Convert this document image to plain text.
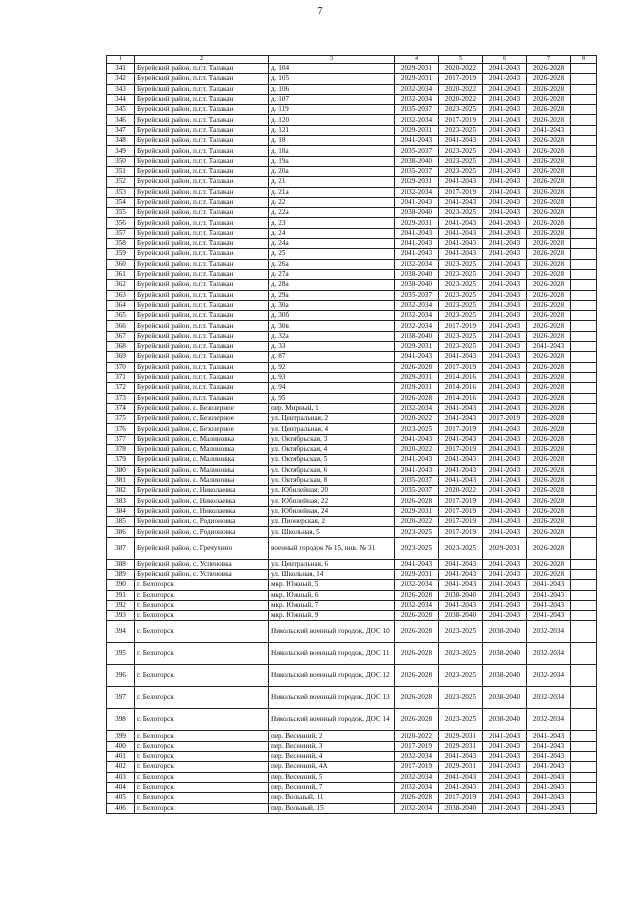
7
1	2	3	4	5	6	7	8
341	Бурейский район, п.г.т. Талакан	д. 104	2029-2031	2020-2022	2041-2043	2026-2028	
342	Бурейский район, п.г.т. Талакан	д. 105	2029-2031	2017-2019	2041-2043	2026-2028	
343	Бурейский район, п.г.т. Талакан	д. 106	2032-2034	2020-2022	2041-2043	2026-2028	
344	Бурейский район, п.г.т. Талакан	д. 107	2032-2034	2020-2022	2041-2043	2026-2028	
345	Бурейский район, п.г.т. Талакан	д. 119	2035-2037	2023-2025	2041-2043	2026-2028	
346	Бурейский район, п.г.т. Талакан	д. 120	2032-2034	2017-2019	2041-2043	2026-2028	
347	Бурейский район, п.г.т. Талакан	д. 121	2029-2031	2023-2025	2041-2043	2041-2043	
348	Бурейский район, п.г.т. Талакан	д. 18	2041-2043	2041-2043	2041-2043	2026-2028	
349	Бурейский район, п.г.т. Талакан	д. 18а	2035-2037	2023-2025	2041-2043	2026-2028	
350	Бурейский район, п.г.т. Талакан	д. 19а	2038-2040	2023-2025	2041-2043	2026-2028	
351	Бурейский район, п.г.т. Талакан	д. 20а	2035-2037	2023-2025	2041-2043	2026-2028	
352	Бурейский район, п.г.т. Талакан	д. 21	2029-2031	2041-2043	2041-2043	2026-2028	
353	Бурейский район, п.г.т. Талакан	д. 21а	2032-2034	2017-2019	2041-2043	2026-2028	
354	Бурейский район, п.г.т. Талакан	д. 22	2041-2043	2041-2043	2041-2043	2026-2028	
355	Бурейский район, п.г.т. Талакан	д. 22а	2038-2040	2023-2025	2041-2043	2026-2028	
356	Бурейский район, п.г.т. Талакан	д. 23	2029-2031	2041-2043	2041-2043	2026-2028	
357	Бурейский район, п.г.т. Талакан	д. 24	2041-2043	2041-2043	2041-2043	2026-2028	
358	Бурейский район, п.г.т. Талакан	д. 24а	2041-2043	2041-2043	2041-2043	2026-2028	
359	Бурейский район, п.г.т. Талакан	д. 25	2041-2043	2041-2043	2041-2043	2026-2028	
360	Бурейский район, п.г.т. Талакан	д. 26а	2032-2034	2023-2025	2041-2043	2026-2028	
361	Бурейский район, п.г.т. Талакан	д. 27а	2038-2040	2023-2025	2041-2043	2026-2028	
362	Бурейский район, п.г.т. Талакан	д. 28а	2038-2040	2023-2025	2041-2043	2026-2028	
363	Бурейский район, п.г.т. Талакан	д. 29а	2035-2037	2023-2025	2041-2043	2026-2028	
364	Бурейский район, п.г.т. Талакан	д. 30а	2032-2034	2023-2025	2041-2043	2026-2028	
365	Бурейский район, п.г.т. Талакан	д. 30б	2032-2034	2023-2025	2041-2043	2026-2028	
366	Бурейский район, п.г.т. Талакан	д. 30в	2032-2034	2017-2019	2041-2043	2026-2028	
367	Бурейский район, п.г.т. Талакан	д. 32а	2038-2040	2023-2025	2041-2043	2026-2028	
368	Бурейский район, п.г.т. Талакан	д. 33	2029-2031	2023-2025	2041-2043	2041-2043	
369	Бурейский район, п.г.т. Талакан	д. 87	2041-2043	2041-2043	2041-2043	2026-2028	
370	Бурейский район, п.г.т. Талакан	д. 92	2026-2028	2017-2019	2041-2043	2026-2028	
371	Бурейский район, п.г.т. Талакан	д. 93	2029-2031	2014-2016	2041-2043	2026-2028	
372	Бурейский район, п.г.т. Талакан	д. 94	2029-2031	2014-2016	2041-2043	2026-2028	
373	Бурейский район, п.г.т. Талакан	д. 95	2026-2028	2014-2016	2041-2043	2026-2028	
374	Бурейский район, с. Безозерное	пер. Мирный, 1	2032-2034	2041-2043	2041-2043	2026-2028	
375	Бурейский район, с. Безозерное	ул. Центральная, 2	2020-2022	2041-2043	2017-2019	2026-2028	
376	Бурейский район, с. Безозерное	ул. Центральная, 4	2023-2025	2017-2019	2041-2043	2026-2028	
377	Бурейский район, с. Малиновка	ул. Октябрьская, 3	2041-2043	2041-2043	2041-2043	2026-2028	
378	Бурейский район, с. Малиновка	ул. Октябрьская, 4	2020-2022	2017-2019	2041-2043	2026-2028	
379	Бурейский район, с. Малиновка	ул. Октябрьская, 5	2041-2043	2041-2043	2041-2043	2026-2028	
380	Бурейский район, с. Малиновка	ул. Октябрьская, 6	2041-2043	2041-2043	2041-2043	2026-2028	
381	Бурейский район, с. Малиновка	ул. Октябрьская, 8	2035-2037	2041-2043	2041-2043	2026-2028	
382	Бурейский район, с. Николаевка	ул. Юбилейная, 20	2035-2037	2020-2022	2041-2043	2026-2028	
383	Бурейский район, с. Николаевка	ул. Юбилейная, 22	2026-2028	2017-2019	2041-2043	2026-2028	
384	Бурейский район, с. Николаевка	ул. Юбилейная, 24	2029-2031	2017-2019	2041-2043	2026-2028	
385	Бурейский район, с. Родионовка	ул. Пионерская, 2	2020-2022	2017-2019	2041-2043	2026-2028	
386	Бурейский район, с. Родионовка	ул. Школьная, 5	2023-2025	2017-2019	2041-2043	2026-2028	
387	Бурейский район, с. Гречухино	военный городок № 15, инв. № 31	2023-2025	2023-2025	2029-2031	2026-2028	
388	Бурейский район, с. Успеновка	ул. Центральная, 6	2041-2043	2041-2043	2041-2043	2026-2028	
389	Бурейский район, с. Успеновка	ул. Школьная, 14	2029-2031	2041-2043	2041-2043	2026-2028	
390	г. Белогорск	мкр. Южный, 5	2032-2034	2041-2043	2041-2043	2041-2043	
391	г. Белогорск	мкр. Южный, 6	2026-2028	2038-2040	2041-2043	2041-2043	
392	г. Белогорск	мкр. Южный, 7	2032-2034	2041-2043	2041-2043	2041-2043	
393	г. Белогорск	мкр. Южный, 9	2026-2028	2038-2040	2041-2043	2041-2043	
394	г. Белогорск	Никольский военный городок, ДОС 10	2026-2028	2023-2025	2038-2040	2032-2034	
395	г. Белогорск	Никольский военный городок, ДОС 11	2026-2028	2023-2025	2038-2040	2032-2034	
396	г. Белогорск	Никольский военный городок, ДОС 12	2026-2028	2023-2025	2038-2040	2032-2034	
397	г. Белогорск	Никольский военный городок, ДОС 13	2026-2028	2023-2025	2038-2040	2032-2034	
398	г. Белогорск	Никольский военный городок, ДОС 14	2026-2028	2023-2025	2038-2040	2032-2034	
399	г. Белогорск	пер. Весенний, 2	2020-2022	2029-2031	2041-2043	2041-2043	
400	г. Белогорск	пер. Весенний, 3	2017-2019	2029-2031	2041-2043	2041-2043	
401	г. Белогорск	пер. Весенний, 4	2032-2034	2041-2043	2041-2043	2041-2043	
402	г. Белогорск	пер. Весенний, 4А	2017-2019	2029-2031	2041-2043	2041-2043	
403	г. Белогорск	пер. Весенний, 5	2032-2034	2041-2043	2041-2043	2041-2043	
404	г. Белогорск	пер. Весенний, 7	2032-2034	2041-2043	2041-2043	2041-2043	
405	г. Белогорск	пер. Вольный, 11	2026-2028	2017-2019	2041-2043	2041-2043	
406	г. Белогорск	пер. Вольный, 15	2032-2034	2038-2040	2041-2043	2041-2043	
